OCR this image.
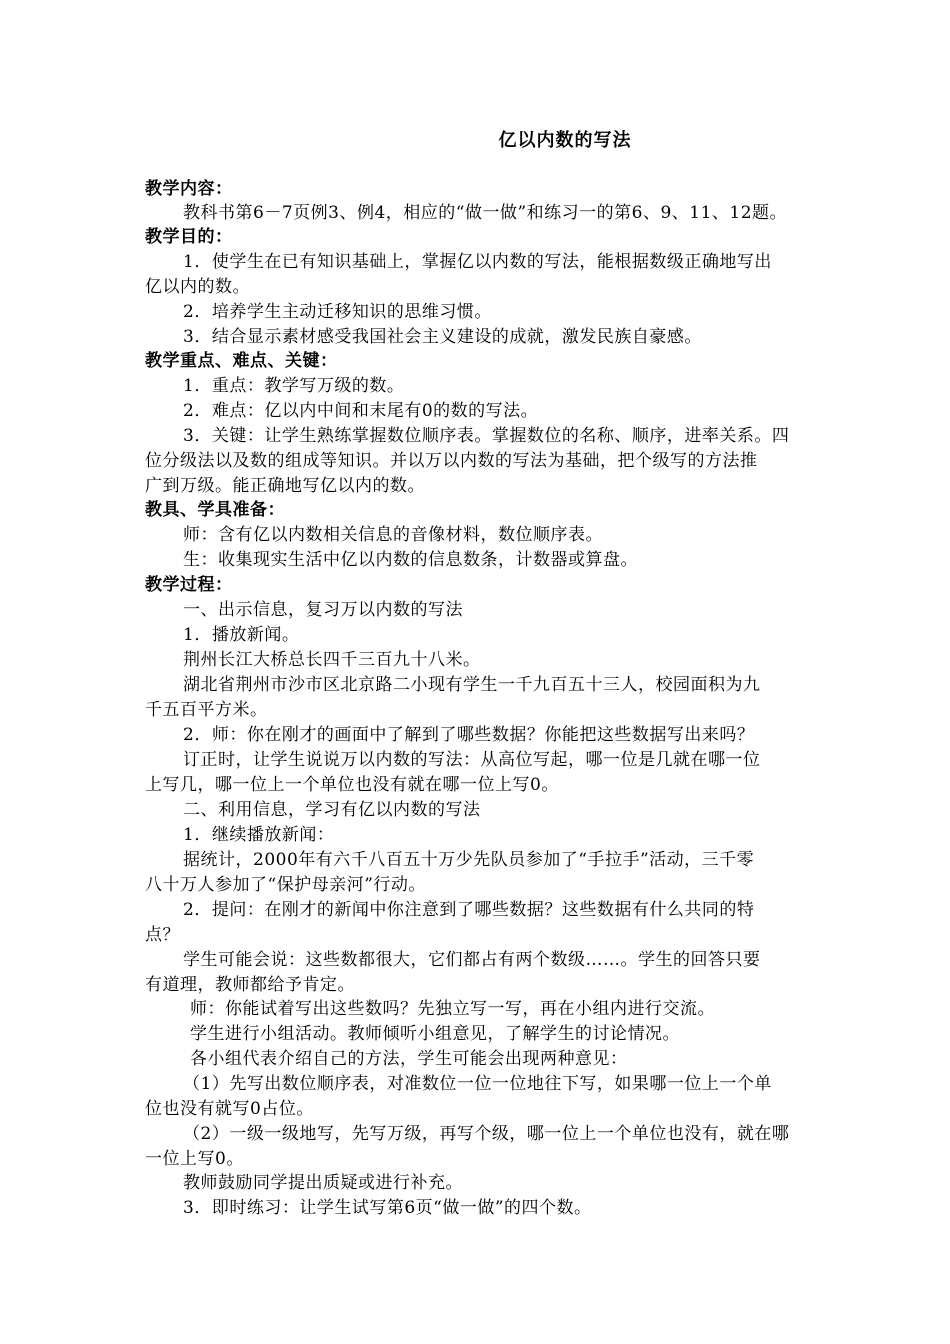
亿以内数的写法
教学内容：
教科书第6－7页例3、例4，相应的“做一做”和练习一的第6、9、11、12题。
教学目的：
1．使学生在已有知识基础上，掌握亿以内数的写法，能根据数级正确地写出
亿以内的数。
2．培养学生主动迁移知识的思维习惯。
3．结合显示素材感受我国社会主义建设的成就，激发民族自豪感。
教学重点、难点、关键：
1．重点：教学写万级的数。
2．难点：亿以内中间和末尾有0的数的写法。
3．关键：让学生熟练掌握数位顺序表。掌握数位的名称、顺序，进率关系。四
位分级法以及数的组成等知识。并以万以内数的写法为基础，把个级写的方法推
广到万级。能正确地写亿以内的数。
教具、学具准备：
师：含有亿以内数相关信息的音像材料，数位顺序表。
生：收集现实生活中亿以内数的信息数条，计数器或算盘。
教学过程：
一、出示信息，复习万以内数的写法
1．播放新闻。
荆州长江大桥总长四千三百九十八米。
湖北省荆州市沙市区北京路二小现有学生一千九百五十三人，校园面积为九
千五百平方米。
2．师：你在刚才的画面中了解到了哪些数据？你能把这些数据写出来吗？
订正时，让学生说说万以内数的写法：从高位写起，哪一位是几就在哪一位
上写几，哪一位上一个单位也没有就在哪一位上写0。
二、利用信息，学习有亿以内数的写法
1．继续播放新闻：
据统计，2000年有六千八百五十万少先队员参加了“手拉手”活动，三千零
八十万人参加了“保护母亲河”行动。
2．提问：在刚才的新闻中你注意到了哪些数据？这些数据有什么共同的特
点？
学生可能会说：这些数都很大，它们都占有两个数级……。学生的回答只要
有道理，教师都给予肯定。
师：你能试着写出这些数吗？先独立写一写，再在小组内进行交流。
学生进行小组活动。教师倾听小组意见，了解学生的讨论情况。
各小组代表介绍自己的方法，学生可能会出现两种意见：
（1）先写出数位顺序表，对准数位一位一位地往下写，如果哪一位上一个单
位也没有就写0占位。
（2）一级一级地写，先写万级，再写个级，哪一位上一个单位也没有，就在哪
一位上写0。
教师鼓励同学提出质疑或进行补充。
3．即时练习：让学生试写第6页“做一做”的四个数。
